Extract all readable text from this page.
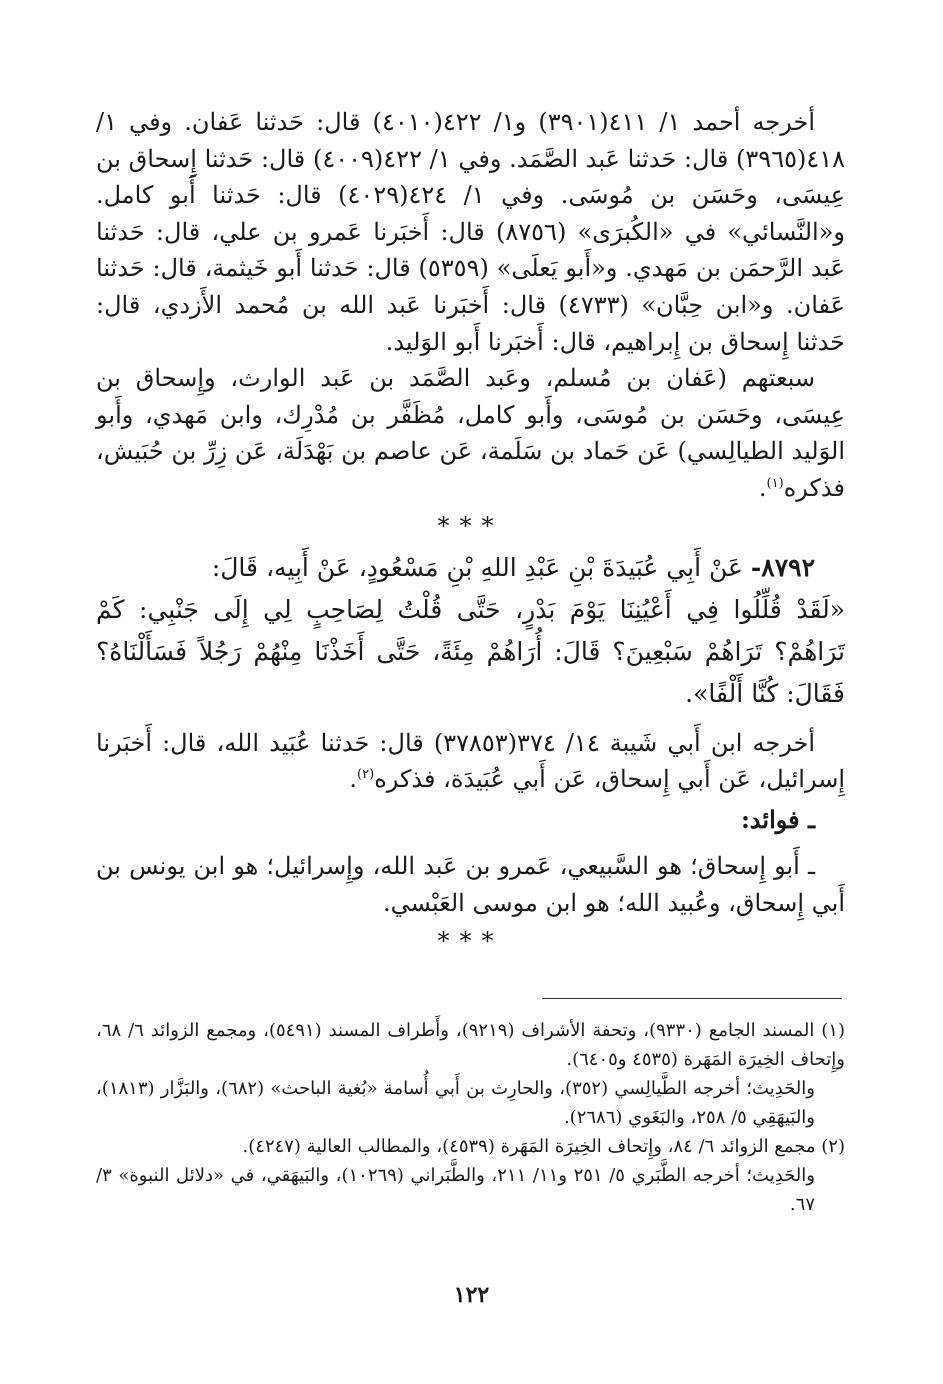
أخرجه أحمد ١/ ٤١١(٣٩٠١) و١/ ٤٢٢(٤٠١٠) قال: حَدثنا عَفان. وفي ١/ ٤١٨(٣٩٦٥) قال: حَدثنا عَبد الصَّمَد. وفي ١/ ٤٢٢(٤٠٠٩) قال: حَدثنا إِسحاق بن عِيسَى، وحَسَن بن مُوسَى. وفي ١/ ٤٢٤(٤٠٢٩) قال: حَدثنا أَبو كامل. و«النَّسائي» في «الكُبرَى» (٨٧٥٦) قال: أَخبَرنا عَمرو بن علي، قال: حَدثنا عَبد الرَّحمَن بن مَهدي. و«أَبو يَعلَى» (٥٣٥٩) قال: حَدثنا أَبو خَيثمة، قال: حَدثنا عَفان. و«ابن حِبَّان» (٤٧٣٣) قال: أَخبَرنا عَبد الله بن مُحمد الأَزدي، قال: حَدثنا إِسحاق بن إِبراهيم، قال: أَخبَرنا أَبو الوَليد.

سبعتهم (عَفان بن مُسلم، وعَبد الصَّمَد بن عَبد الوارث، وإِسحاق بن عِيسَى، وحَسَن بن مُوسَى، وأَبو كامل، مُظَفَّر بن مُدْرِك، وابن مَهدي، وأَبو الوَليد الطيالِسي) عَن حَماد بن سَلَمة، عَن عاصم بن بَهْدَلَة، عَن زِرِّ بن حُبَيش، فذكره$^{(١)}$.

***

٨٧٩٢- عَنْ أَبِي عُبَيدَةَ بْنِ عَبْدِ اللهِ بْنِ مَسْعُودٍ، عَنْ أَبِيه، قَالَ:

«لَقَدْ قُلِّلُوا فِي أَعْيُنِنَا يَوْمَ بَدْرٍ، حَتَّى قُلْتُ لِصَاحِبٍ لِي إِلَى جَنْبِي: كَمْ تَرَاهُمْ؟ تَرَاهُمْ سَبْعِينَ؟ قَالَ: أُرَاهُمْ مِئَةً، حَتَّى أَخَذْنَا مِنْهُمْ رَجُلاً فَسَأَلْنَاهُ؟ فَقَالَ: كُنَّا أَلْفًا».

أخرجه ابن أَبي شَيبة ١٤/ ٣٧٤(٣٧٨٥٣) قال: حَدثنا عُبَيد الله، قال: أَخبَرنا إِسرائيل، عَن أَبي إِسحاق، عَن أَبي عُبَيدَة، فذكره$^{(٢)}$.

ـ فوائد:

ـ أَبو إِسحاق؛ هو السَّبيعي، عَمرو بن عَبد الله، وإِسرائيل؛ هو ابن يونس بن أَبي إِسحاق، وعُبيد الله؛ هو ابن موسى العَبْسي.

***

(١) المسند الجامع (٩٣٣٠)، وتحفة الأشراف (٩٢١٩)، وأَطراف المسند (٥٤٩١)، ومجمع الزوائد ٦/ ٦٨، وإِتحاف الخِيرَة المَهَرة (٤٥٣٥ و٦٤٠٥).

والحَدِيث؛ أخرجه الطَّيالِسي (٣٥٢)، والحارِث بن أَبي أُسامة «بُغية الباحث» (٦٨٢)، والبَزَّار (١٨١٣)، والبَيهَقِي ٥/ ٢٥٨، والبَغَوي (٢٦٨٦).

(٢) مجمع الزوائد ٦/ ٨٤، وإِتحاف الخِيرَة المَهَرة (٤٥٣٩)، والمطالب العالية (٤٢٤٧).

والحَدِيث؛ أخرجه الطَّبَري ٥/ ٢٥١ و١١/ ٢١١، والطَّبَراني (١٠٢٦٩)، والبَيهَقي، في «دلائل النبوة» ٣/ ٦٧.

١٢٢
